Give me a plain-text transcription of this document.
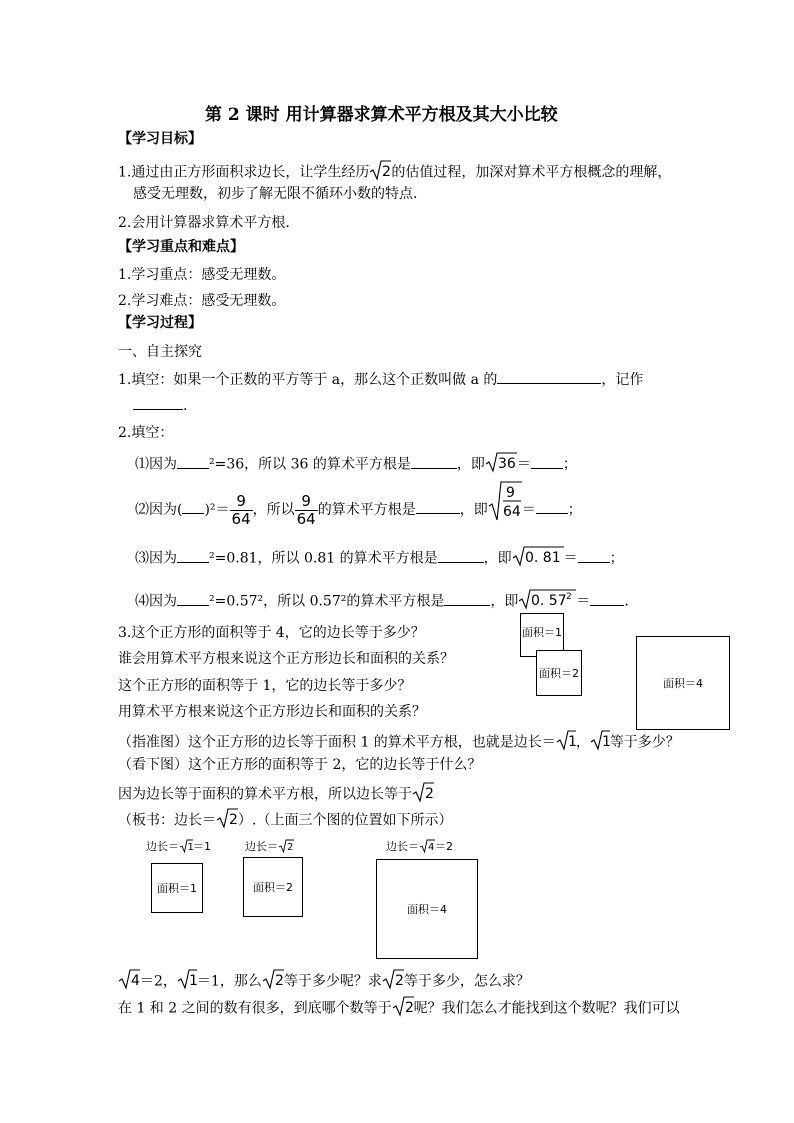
第 2 课时 用计算器求算术平方根及其大小比较
【学习目标】
1.通过由正方形面积求边长，让学生经历 2 的估值过程，加深对算术平方根概念的理解，
感受无理数，初步了解无限不循环小数的特点.
2.会用计算器求算术平方根.
【学习重点和难点】
1.学习重点：感受无理数。
2.学习难点：感受无理数。
【学习过程】
一、自主探究
1.填空：如果一个正数的平方等于 a，那么这个正数叫做 a 的	，记作
.
2.填空：
⑴因为 ²=36，所以 36 的算术平方根是	，即 36 ＝ ；
⑵因为( )$^2= \frac{9}{64}$ ，所以 $\frac{9}{64}$ 的算术平方根是	，即
9
64 ＝ ；
⑶因为 ²=0.81，所以 0.81 的算术平方根是	，即 0. 81 ＝ ；
⑷因为 ²=0.57²，所以 0.57²的算术平方根是	，即 0. 57 2 ＝ .
3.这个正方形的面积等于 4，它的边长等于多少？
谁会用算术平方根来说这个正方形边长和面积的关系？
这个正方形的面积等于 1，它的边长等于多少？
用算术平方根来说这个正方形边长和面积的关系？
（指准图）这个正方形的边长等于面积 1 的算术平方根，也就是边长＝ 1 ， 1 等于多少？
（看下图）这个正方形的面积等于 2，它的边长等于什么？
因为边长等于面积的算术平方根，所以边长等于 2
（板书：边长＝ 2 ）.（上面三个图的位置如下所示）
面积＝1
面积＝2
面积＝4
边长＝ 1 ＝1
面积＝1
边长＝ 2
面积＝2
边长＝ 4 ＝2
面积＝4
4 ＝2， 1 ＝1，那么 2 等于多少呢？求 2 等于多少，怎么求？
在 1 和 2 之间的数有很多，到底哪个数等于 2 呢？我们怎么才能找到这个数呢？我们可以
